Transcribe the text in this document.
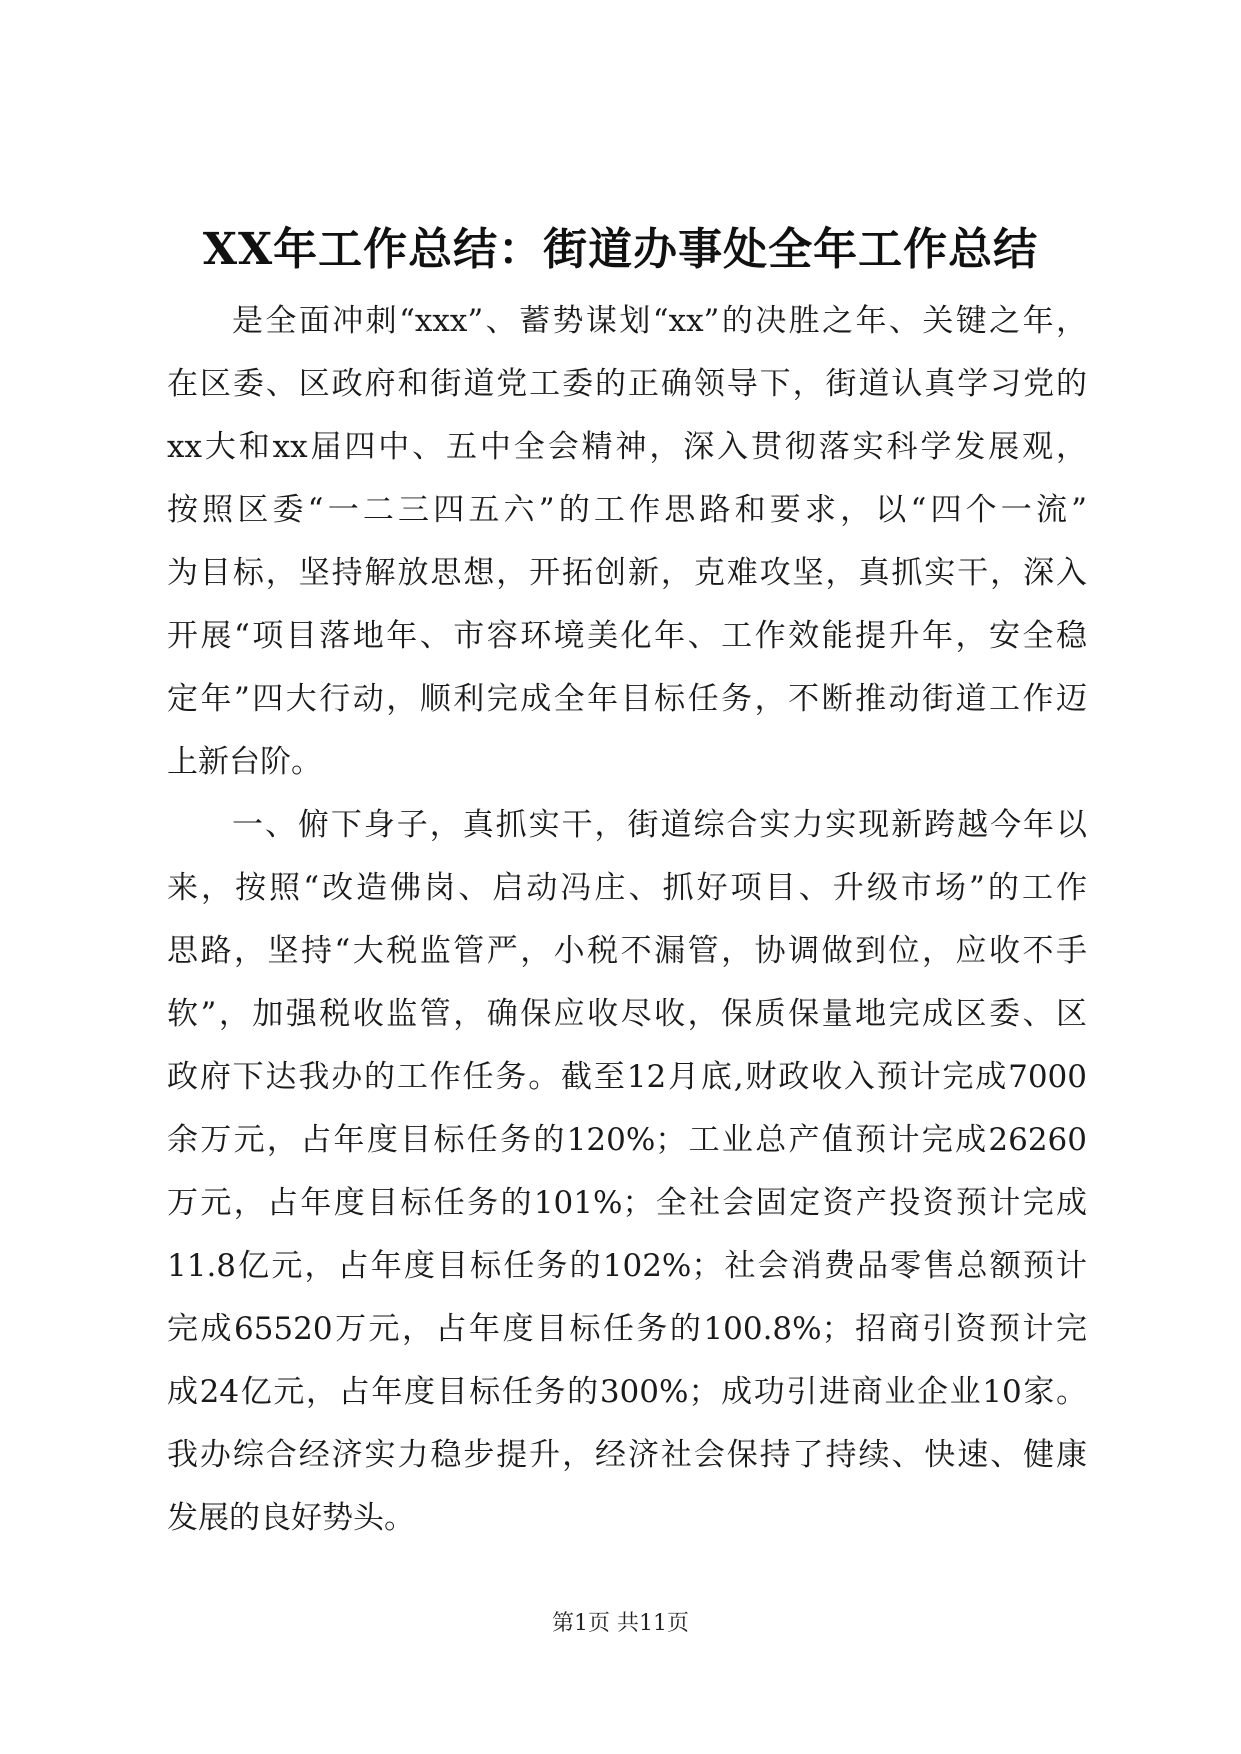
XX年工作总结：街道办事处全年工作总结
是全面冲刺“xxx”、蓄势谋划“xx”的决胜之年、关键之年，
在区委、区政府和街道党工委的正确领导下，街道认真学习党的
xx大和xx届四中、五中全会精神，深入贯彻落实科学发展观，
按照区委“一二三四五六”的工作思路和要求，以“四个一流”
为目标，坚持解放思想，开拓创新，克难攻坚，真抓实干，深入
开展“项目落地年、市容环境美化年、工作效能提升年，安全稳
定年”四大行动，顺利完成全年目标任务，不断推动街道工作迈
上新台阶。
一、俯下身子，真抓实干，街道综合实力实现新跨越今年以
来，按照“改造佛岗、启动冯庄、抓好项目、升级市场”的工作
思路，坚持“大税监管严，小税不漏管，协调做到位，应收不手
软”，加强税收监管，确保应收尽收，保质保量地完成区委、区
政府下达我办的工作任务。截至12月底,财政收入预计完成7000
余万元，占年度目标任务的120%；工业总产值预计完成26260
万元，占年度目标任务的101%；全社会固定资产投资预计完成
11.8亿元，占年度目标任务的102%；社会消费品零售总额预计
完成65520万元，占年度目标任务的100.8%；招商引资预计完
成24亿元，占年度目标任务的300%；成功引进商业企业10家。
我办综合经济实力稳步提升，经济社会保持了持续、快速、健康
发展的良好势头。
第1页 共11页
